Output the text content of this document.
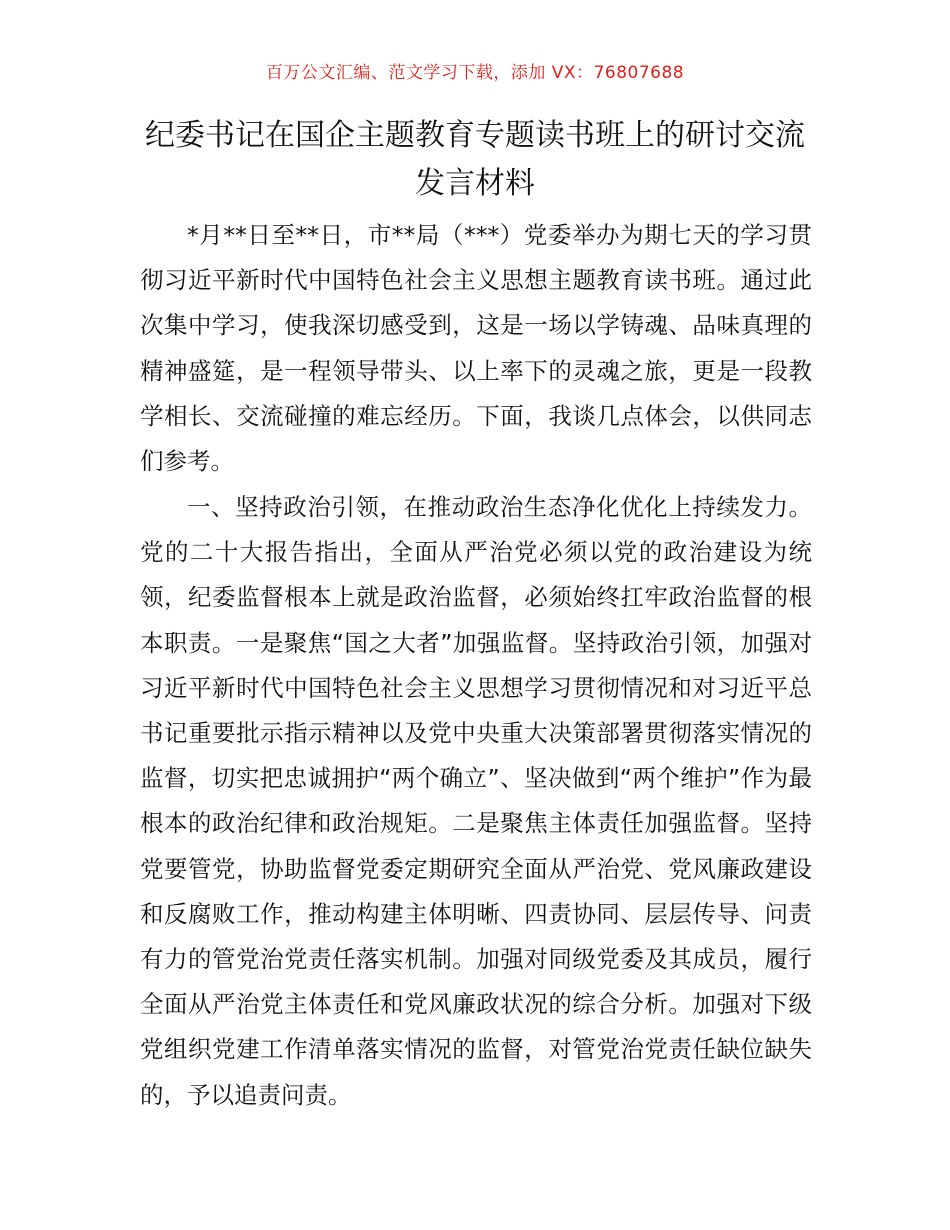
百万公文汇编、范文学习下载，添加 VX：76807688
纪委书记在国企主题教育专题读书班上的研讨交流发言材料

*月**日至**日，市**局（***）党委举办为期七天的学习贯彻习近平新时代中国特色社会主义思想主题教育读书班。通过此次集中学习，使我深切感受到，这是一场以学铸魂、品味真理的精神盛筵，是一程领导带头、以上率下的灵魂之旅，更是一段教学相长、交流碰撞的难忘经历。下面，我谈几点体会，以供同志们参考。

一、坚持政治引领，在推动政治生态净化优化上持续发力。党的二十大报告指出，全面从严治党必须以党的政治建设为统领，纪委监督根本上就是政治监督，必须始终扛牢政治监督的根本职责。一是聚焦“国之大者”加强监督。坚持政治引领，加强对习近平新时代中国特色社会主义思想学习贯彻情况和对习近平总书记重要批示指示精神以及党中央重大决策部署贯彻落实情况的监督，切实把忠诚拥护“两个确立”、坚决做到“两个维护”作为最根本的政治纪律和政治规矩。二是聚焦主体责任加强监督。坚持党要管党，协助监督党委定期研究全面从严治党、党风廉政建设和反腐败工作，推动构建主体明晰、四责协同、层层传导、问责有力的管党治党责任落实机制。加强对同级党委及其成员，履行全面从严治党主体责任和党风廉政状况的综合分析。加强对下级党组织党建工作清单落实情况的监督，对管党治党责任缺位缺失的，予以追责问责。
